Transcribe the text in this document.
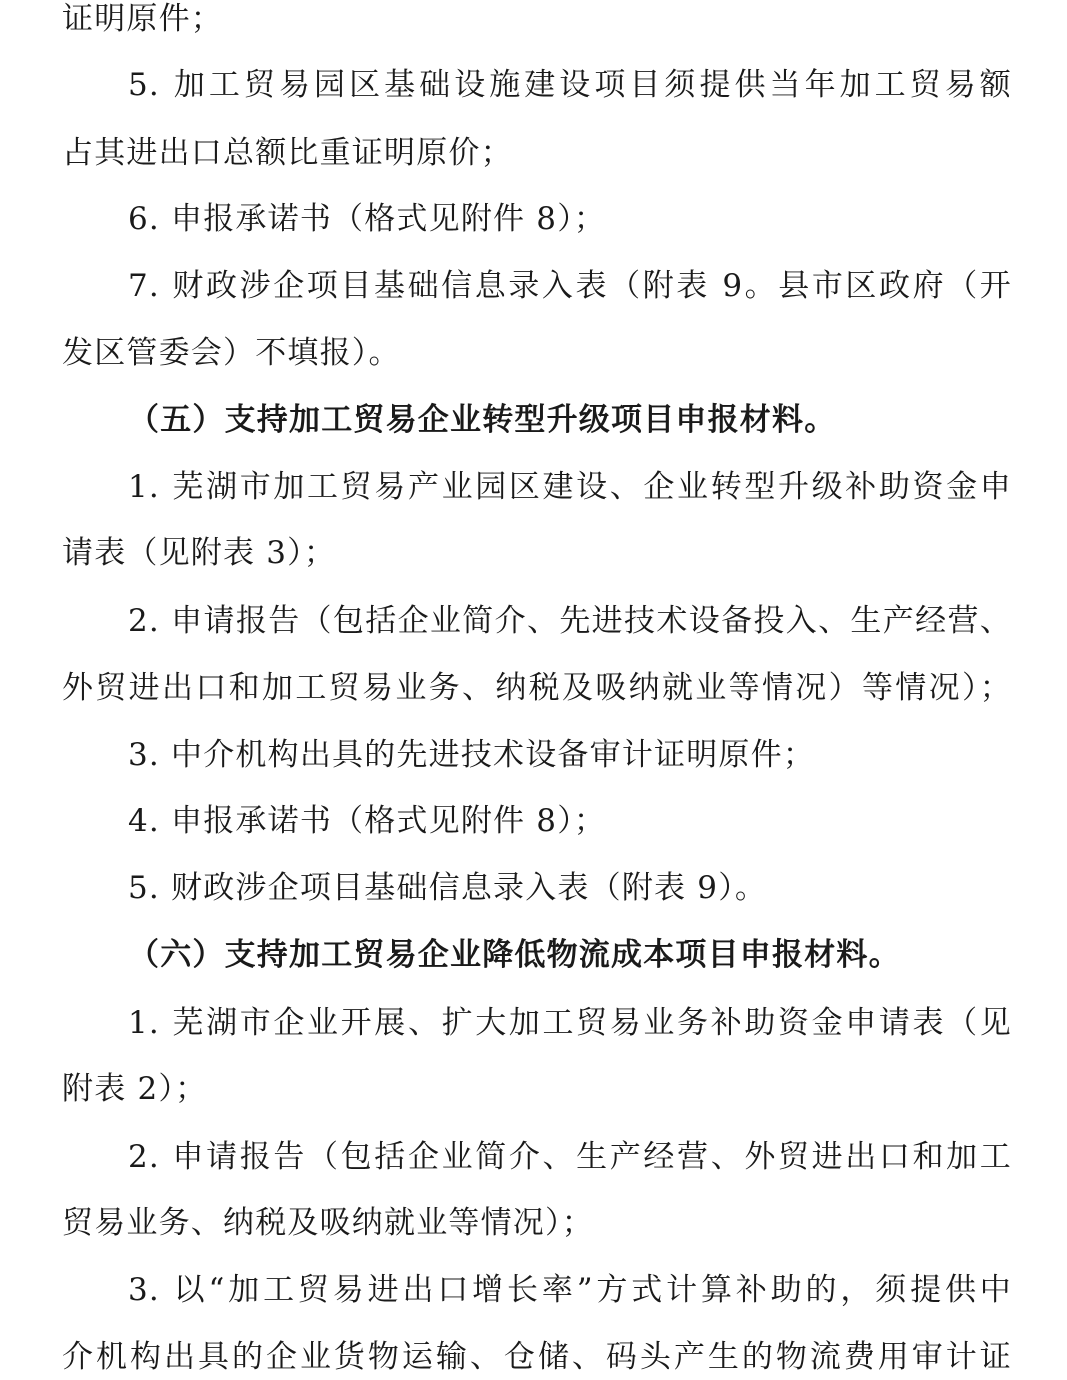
证明原件；
5. 加工贸易园区基础设施建设项目须提供当年加工贸易额
占其进出口总额比重证明原价；
6. 申报承诺书（格式见附件 8）；
7. 财政涉企项目基础信息录入表（附表 9。县市区政府（开
发区管委会）不填报）。
（五）支持加工贸易企业转型升级项目申报材料。
1. 芜湖市加工贸易产业园区建设、企业转型升级补助资金申
请表（见附表 3）；
2. 申请报告（包括企业简介、先进技术设备投入、生产经营、
外贸进出口和加工贸易业务、纳税及吸纳就业等情况）等情况）；
3. 中介机构出具的先进技术设备审计证明原件；
4. 申报承诺书（格式见附件 8）；
5. 财政涉企项目基础信息录入表（附表 9）。
（六）支持加工贸易企业降低物流成本项目申报材料。
1. 芜湖市企业开展、扩大加工贸易业务补助资金申请表（见
附表 2）；
2. 申请报告（包括企业简介、生产经营、外贸进出口和加工
贸易业务、纳税及吸纳就业等情况）；
3. 以“加工贸易进出口增长率”方式计算补助的，须提供中
介机构出具的企业货物运输、仓储、码头产生的物流费用审计证
